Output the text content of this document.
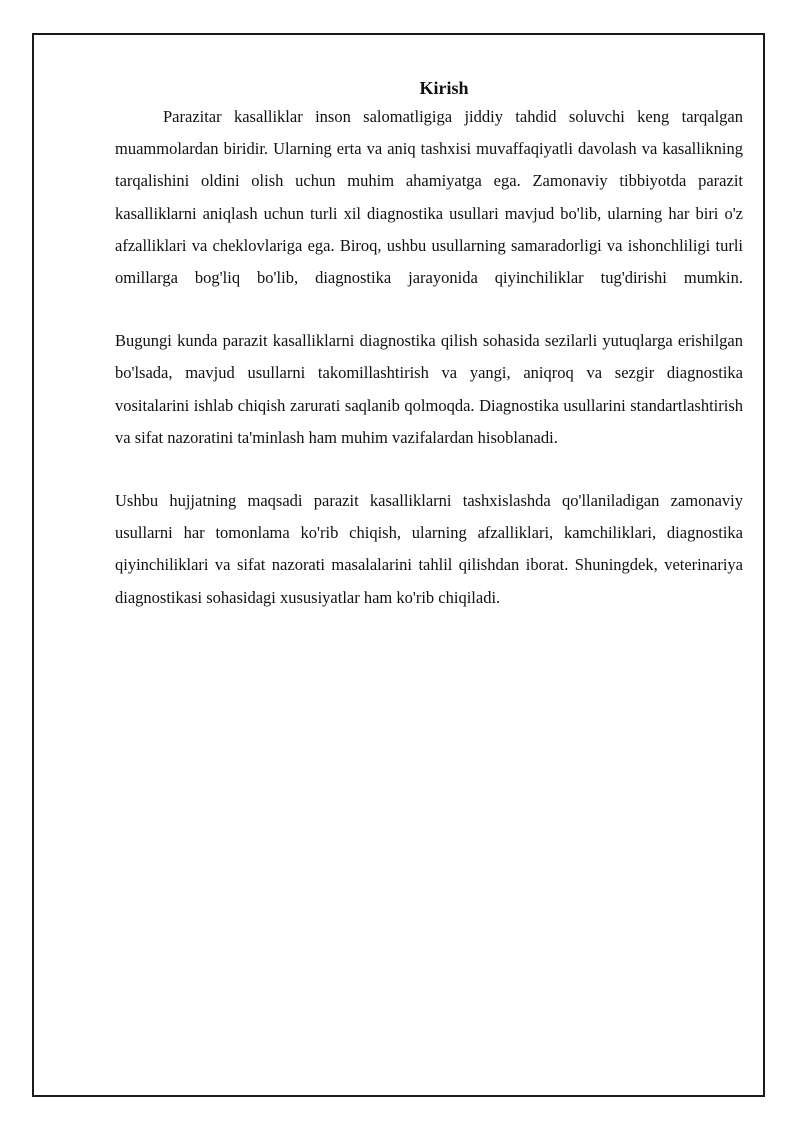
Kirish

Parazitar kasalliklar inson salomatligiga jiddiy tahdid soluvchi keng tarqalgan muammolardan biridir. Ularning erta va aniq tashxisi muvaffaqiyatli davolash va kasallikning tarqalishini oldini olish uchun muhim ahamiyatga ega. Zamonaviy tibbiyotda parazit kasalliklarni aniqlash uchun turli xil diagnostika usullari mavjud bo'lib, ularning har biri o'z afzalliklari va cheklovlariga ega. Biroq, ushbu usullarning samaradorligi va ishonchliligi turli omillarga bog'liq bo'lib, diagnostika jarayonida qiyinchiliklar tug'dirishi mumkin.

Bugungi kunda parazit kasalliklarni diagnostika qilish sohasida sezilarli yutuqlarga erishilgan bo'lsada, mavjud usullarni takomillashtirish va yangi, aniqroq va sezgir diagnostika vositalarini ishlab chiqish zarurati saqlanib qolmoqda. Diagnostika usullarini standartlashtirish va sifat nazoratini ta'minlash ham muhim vazifalardan hisoblanadi.

Ushbu hujjatning maqsadi parazit kasalliklarni tashxislashda qo'llaniladigan zamonaviy usullarni har tomonlama ko'rib chiqish, ularning afzalliklari, kamchiliklari, diagnostika qiyinchiliklari va sifat nazorati masalalarini tahlil qilishdan iborat. Shuningdek, veterinariya diagnostikasi sohasidagi xususiyatlar ham ko'rib chiqiladi.
